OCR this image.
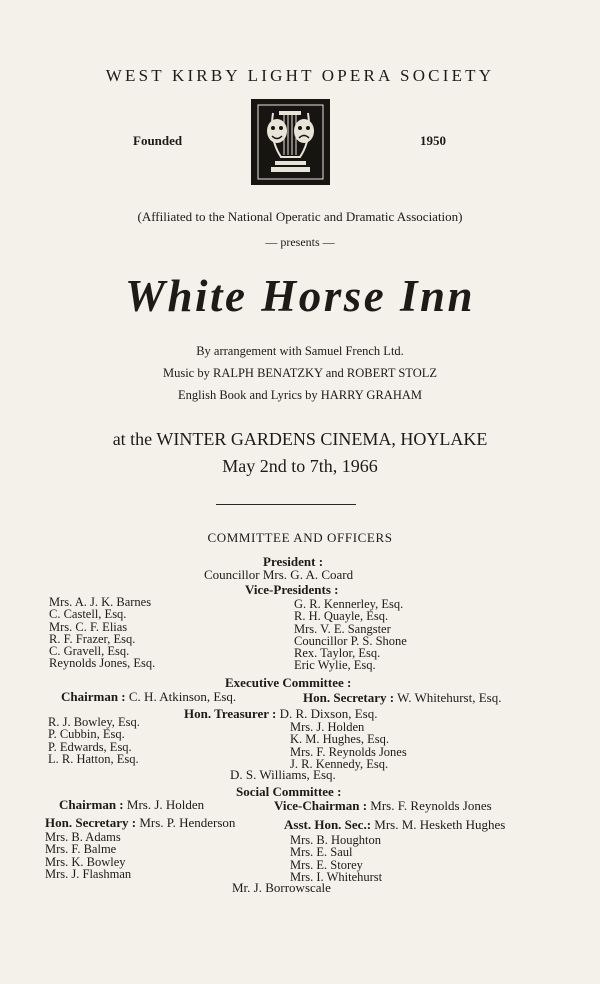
WEST KIRBY LIGHT OPERA SOCIETY
Founded	1950
(Affiliated to the National Operatic and Dramatic Association)
— presents —
White Horse Inn
By arrangement with Samuel French Ltd.
Music by RALPH BENATZKY and ROBERT STOLZ
English Book and Lyrics by HARRY GRAHAM
at the WINTER GARDENS CINEMA, HOYLAKE
May 2nd to 7th, 1966
COMMITTEE AND OFFICERS
President :
Councillor Mrs. G. A. Coard
Vice-Presidents :
Mrs. A. J. K. Barnes
C. Castell, Esq.
Mrs. C. F. Elias
R. F. Frazer, Esq.
C. Gravell, Esq.
Reynolds Jones, Esq.
G. R. Kennerley, Esq.
R. H. Quayle, Esq.
Mrs. V. E. Sangster
Councillor P. S. Shone
Rex. Taylor, Esq.
Eric Wylie, Esq.
Executive Committee :
Chairman : C. H. Atkinson, Esq.	Hon. Secretary : W. Whitehurst, Esq.
Hon. Treasurer : D. R. Dixson, Esq.
R. J. Bowley, Esq.
P. Cubbin, Esq.
P. Edwards, Esq.
L. R. Hatton, Esq.
Mrs. J. Holden
K. M. Hughes, Esq.
Mrs. F. Reynolds Jones
J. R. Kennedy, Esq.
D. S. Williams, Esq.
Social Committee :
Chairman : Mrs. J. Holden	Vice-Chairman : Mrs. F. Reynolds Jones
Hon. Secretary : Mrs. P. Henderson	Asst. Hon. Sec.: Mrs. M. Hesketh Hughes
Mrs. B. Adams
Mrs. F. Balme
Mrs. K. Bowley
Mrs. J. Flashman
Mrs. B. Houghton
Mrs. E. Saul
Mrs. E. Storey
Mrs. I. Whitehurst
Mr. J. Borrowscale
